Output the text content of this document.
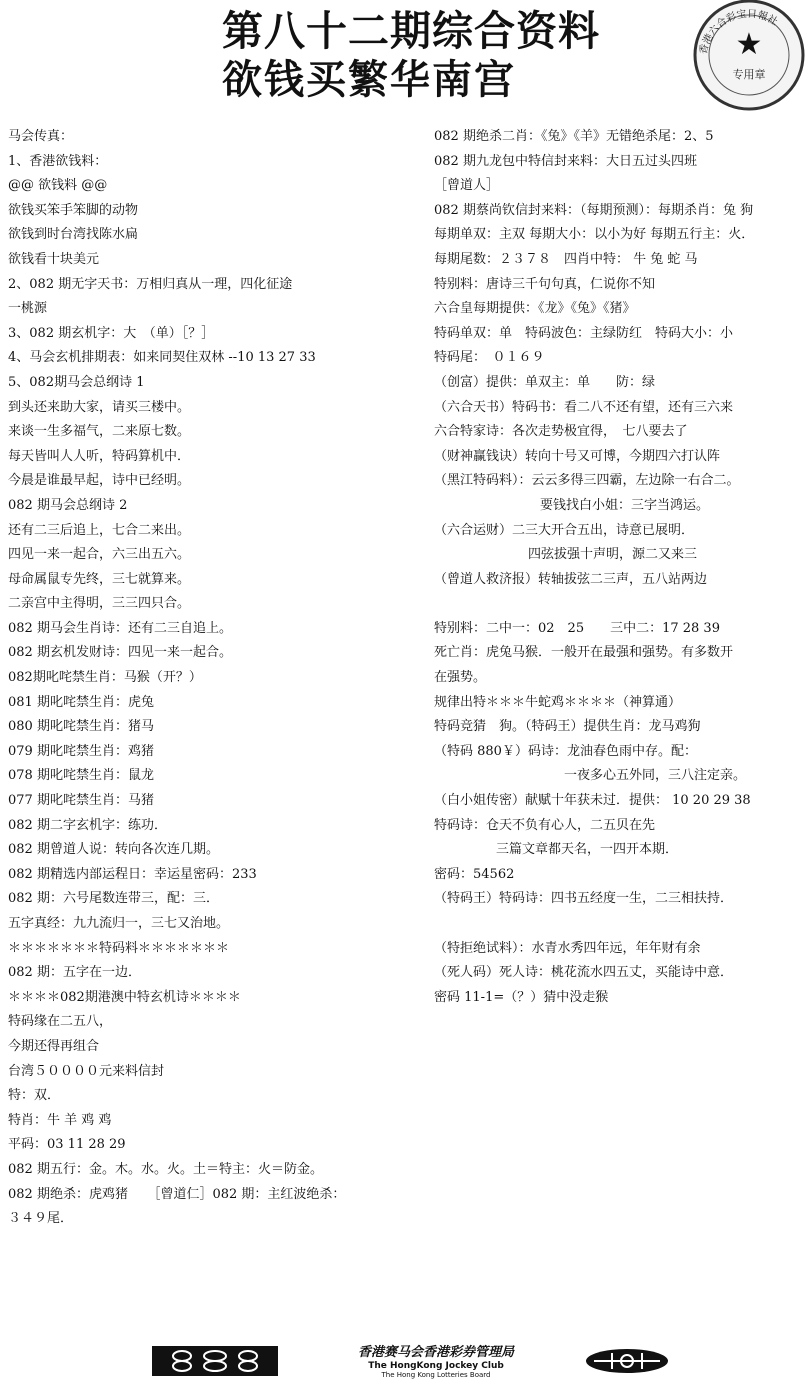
第八十二期综合资料
欲钱买繁华南宫
香港六合彩宝日報社
★
专用章
马会传真：
1、香港欲钱料：
@@ 欲钱料 @@
欲钱买笨手笨脚的动物
欲钱到时台湾找陈水扁
欲钱看十块美元
2、082 期无字天书：万相归真从一理，四化征途
一桃源
3、082 期玄机字：大　（单）［？］
4、马会玄机排期表：如来同契住双林 --10 13 27 33
5、082期马会总纲诗 1
到头还来助大家，请买三楼中。
来谈一生多福气，二来原七数。
每天皆叫人人听，特码算机中．
今晨是谁最早起，诗中已经明。
082 期马会总纲诗 2
还有二三后追上，七合二来出。
四见一来一起合，六三出五六。
母命属鼠专先终，三七就算来。
二亲宫中主得明，三三四只合。
082 期马会生肖诗：还有二三自追上。
082 期玄机发财诗：四见一来一起合。
082期叱咤禁生肖：马猴（开？）
081 期叱咤禁生肖：虎兔
080 期叱咤禁生肖：猪马
079 期叱咤禁生肖：鸡猪
078 期叱咤禁生肖：鼠龙
077 期叱咤禁生肖：马猪
082 期二字玄机字：练功．
082 期曾道人说：转向各次连几期。
082 期精选内部运程日：幸运星密码：233
082 期：六号尾数连带三，配：三．
五字真经：九九流归一，三七又治地。
＊＊＊＊＊＊＊特码料＊＊＊＊＊＊＊
082 期：五字在一边．
＊＊＊＊082期港澳中特玄机诗＊＊＊＊
特码缘在二五八，
今期还得再组合
台湾５００００元来料信封
特：双．
特肖：牛 羊 鸡 鸡
平码：03 11 28 29
082 期五行：金。木。水。火。土＝特主：火＝防金。
082 期绝杀：虎鸡猪　　［曾道仁］082 期：主红波绝杀：
３４９尾．
082 期绝杀二肖：《兔》《羊》无错绝杀尾：2、5
082 期九龙包中特信封来料：大日五过头四班
［曾道人］
082 期蔡尚钦信封来料：（每期预测）：每期杀肖：兔 狗
每期单双：主双 每期大小：以小为好 每期五行主：火．
每期尾数：２３７８　四肖中特： 牛 兔 蛇 马
特别料：唐诗三千句句真，仁说你不知
六合皇每期提供：《龙》《兔》《猪》
特码单双：单　特码波色：主绿防红　特码大小：小
特码尾：　０１６９
（创富）提供：单双主：单　　防：绿
（六合天书）特码书：看二八不还有望，还有三六来
六合特家诗：各次走势极宜得，　七八要去了
（财神赢钱诀）转向十号又可博，今期四六打认阵
（黑江特码料）：云云多得三四霸，左边除一右合二。
要钱找白小姐：三字当鸿运。
（六合运财）二三大开合五出，诗意已展明．
四弦拔强十声明，源二又来三
（曾道人救济报）转轴拔弦二三声，五八站两边

特别料：二中一：02　25　　三中二：17 28 39
死亡肖：虎兔马猴．一般开在最强和强势。有多数开
在强势。
规律出特＊＊＊牛蛇鸡＊＊＊＊（神算通）
特码竞猜　狗。（特码王）提供生肖：龙马鸡狗
（特码 880￥）码诗：龙油春色雨中存。配：
一夜多心五外同，三八注定亲。
（白小姐传密）献赋十年获未过．提供： 10 20 29 38
特码诗：仓天不负有心人，二五贝在先
三篇文章都天名，一四开本期．
密码：54562
（特码王）特码诗：四书五经度一生，二三相扶持．

（特拒绝试料）：水青水秀四年远，年年财有余
（死人码）死人诗：桃花流水四五丈，买能诗中意．
密码 11-1=（？）猜中没走猴
香港赛马会香港彩券管理局
The HongKong Jockey Club
The Hong Kong Lotteries Board
